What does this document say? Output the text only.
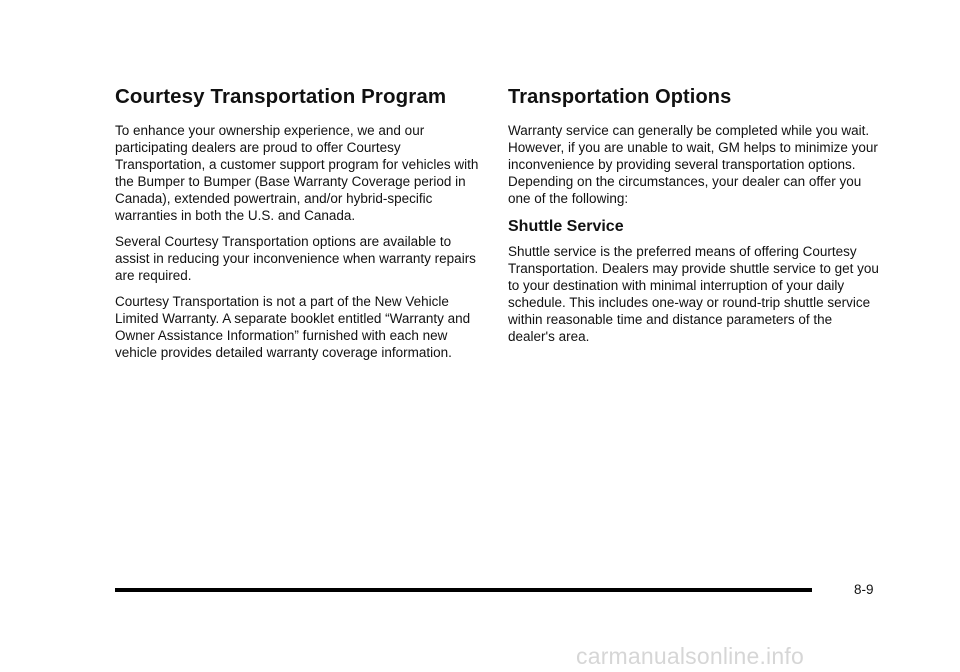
Courtesy Transportation Program

To enhance your ownership experience, we and our participating dealers are proud to offer Courtesy Transportation, a customer support program for vehicles with the Bumper to Bumper (Base Warranty Coverage period in Canada), extended powertrain, and/or hybrid-specific warranties in both the U.S. and Canada.

Several Courtesy Transportation options are available to assist in reducing your inconvenience when warranty repairs are required.

Courtesy Transportation is not a part of the New Vehicle Limited Warranty. A separate booklet entitled “Warranty and Owner Assistance Information” furnished with each new vehicle provides detailed warranty coverage information.

Transportation Options

Warranty service can generally be completed while you wait. However, if you are unable to wait, GM helps to minimize your inconvenience by providing several transportation options. Depending on the circumstances, your dealer can offer you one of the following:

Shuttle Service

Shuttle service is the preferred means of offering Courtesy Transportation. Dealers may provide shuttle service to get you to your destination with minimal interruption of your daily schedule. This includes one-way or round-trip shuttle service within reasonable time and distance parameters of the dealer's area.

8-9
carmanualsonline.info
